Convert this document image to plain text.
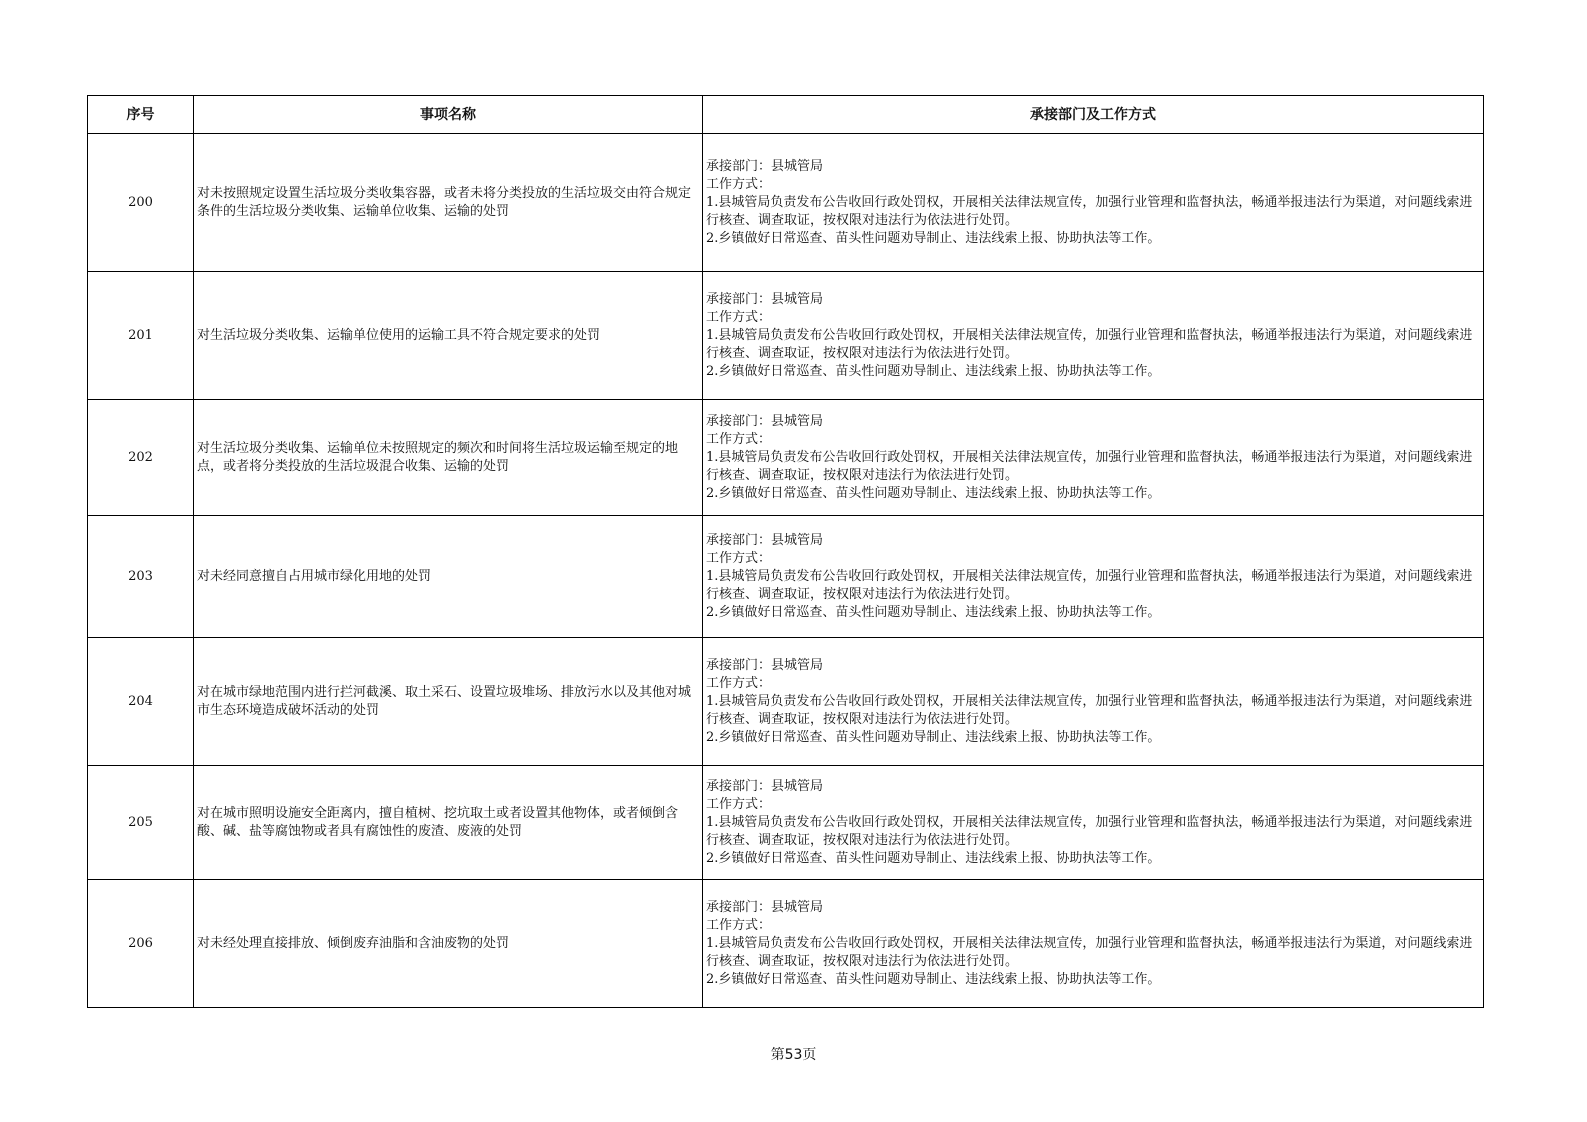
序号	事项名称	承接部门及工作方式
200	对未按照规定设置生活垃圾分类收集容器，或者未将分类投放的生活垃圾交由符合规定条件的生活垃圾分类收集、运输单位收集、运输的处罚	承接部门：县城管局
工作方式：
1.县城管局负责发布公告收回行政处罚权，开展相关法律法规宣传，加强行业管理和监督执法，畅通举报违法行为渠道，对问题线索进行核查、调查取证，按权限对违法行为依法进行处罚。
2.乡镇做好日常巡查、苗头性问题劝导制止、违法线索上报、协助执法等工作。
201	对生活垃圾分类收集、运输单位使用的运输工具不符合规定要求的处罚	承接部门：县城管局
工作方式：
1.县城管局负责发布公告收回行政处罚权，开展相关法律法规宣传，加强行业管理和监督执法，畅通举报违法行为渠道，对问题线索进行核查、调查取证，按权限对违法行为依法进行处罚。
2.乡镇做好日常巡查、苗头性问题劝导制止、违法线索上报、协助执法等工作。
202	对生活垃圾分类收集、运输单位未按照规定的频次和时间将生活垃圾运输至规定的地点，或者将分类投放的生活垃圾混合收集、运输的处罚	承接部门：县城管局
工作方式：
1.县城管局负责发布公告收回行政处罚权，开展相关法律法规宣传，加强行业管理和监督执法，畅通举报违法行为渠道，对问题线索进行核查、调查取证，按权限对违法行为依法进行处罚。
2.乡镇做好日常巡查、苗头性问题劝导制止、违法线索上报、协助执法等工作。
203	对未经同意擅自占用城市绿化用地的处罚	承接部门：县城管局
工作方式：
1.县城管局负责发布公告收回行政处罚权，开展相关法律法规宣传，加强行业管理和监督执法，畅通举报违法行为渠道，对问题线索进行核查、调查取证，按权限对违法行为依法进行处罚。
2.乡镇做好日常巡查、苗头性问题劝导制止、违法线索上报、协助执法等工作。
204	对在城市绿地范围内进行拦河截溪、取土采石、设置垃圾堆场、排放污水以及其他对城市生态环境造成破坏活动的处罚	承接部门：县城管局
工作方式：
1.县城管局负责发布公告收回行政处罚权，开展相关法律法规宣传，加强行业管理和监督执法，畅通举报违法行为渠道，对问题线索进行核查、调查取证，按权限对违法行为依法进行处罚。
2.乡镇做好日常巡查、苗头性问题劝导制止、违法线索上报、协助执法等工作。
205	对在城市照明设施安全距离内，擅自植树、挖坑取土或者设置其他物体，或者倾倒含酸、碱、盐等腐蚀物或者具有腐蚀性的废渣、废液的处罚	承接部门：县城管局
工作方式：
1.县城管局负责发布公告收回行政处罚权，开展相关法律法规宣传，加强行业管理和监督执法，畅通举报违法行为渠道，对问题线索进行核查、调查取证，按权限对违法行为依法进行处罚。
2.乡镇做好日常巡查、苗头性问题劝导制止、违法线索上报、协助执法等工作。
206	对未经处理直接排放、倾倒废弃油脂和含油废物的处罚	承接部门：县城管局
工作方式：
1.县城管局负责发布公告收回行政处罚权，开展相关法律法规宣传，加强行业管理和监督执法，畅通举报违法行为渠道，对问题线索进行核查、调查取证，按权限对违法行为依法进行处罚。
2.乡镇做好日常巡查、苗头性问题劝导制止、违法线索上报、协助执法等工作。
第53页
